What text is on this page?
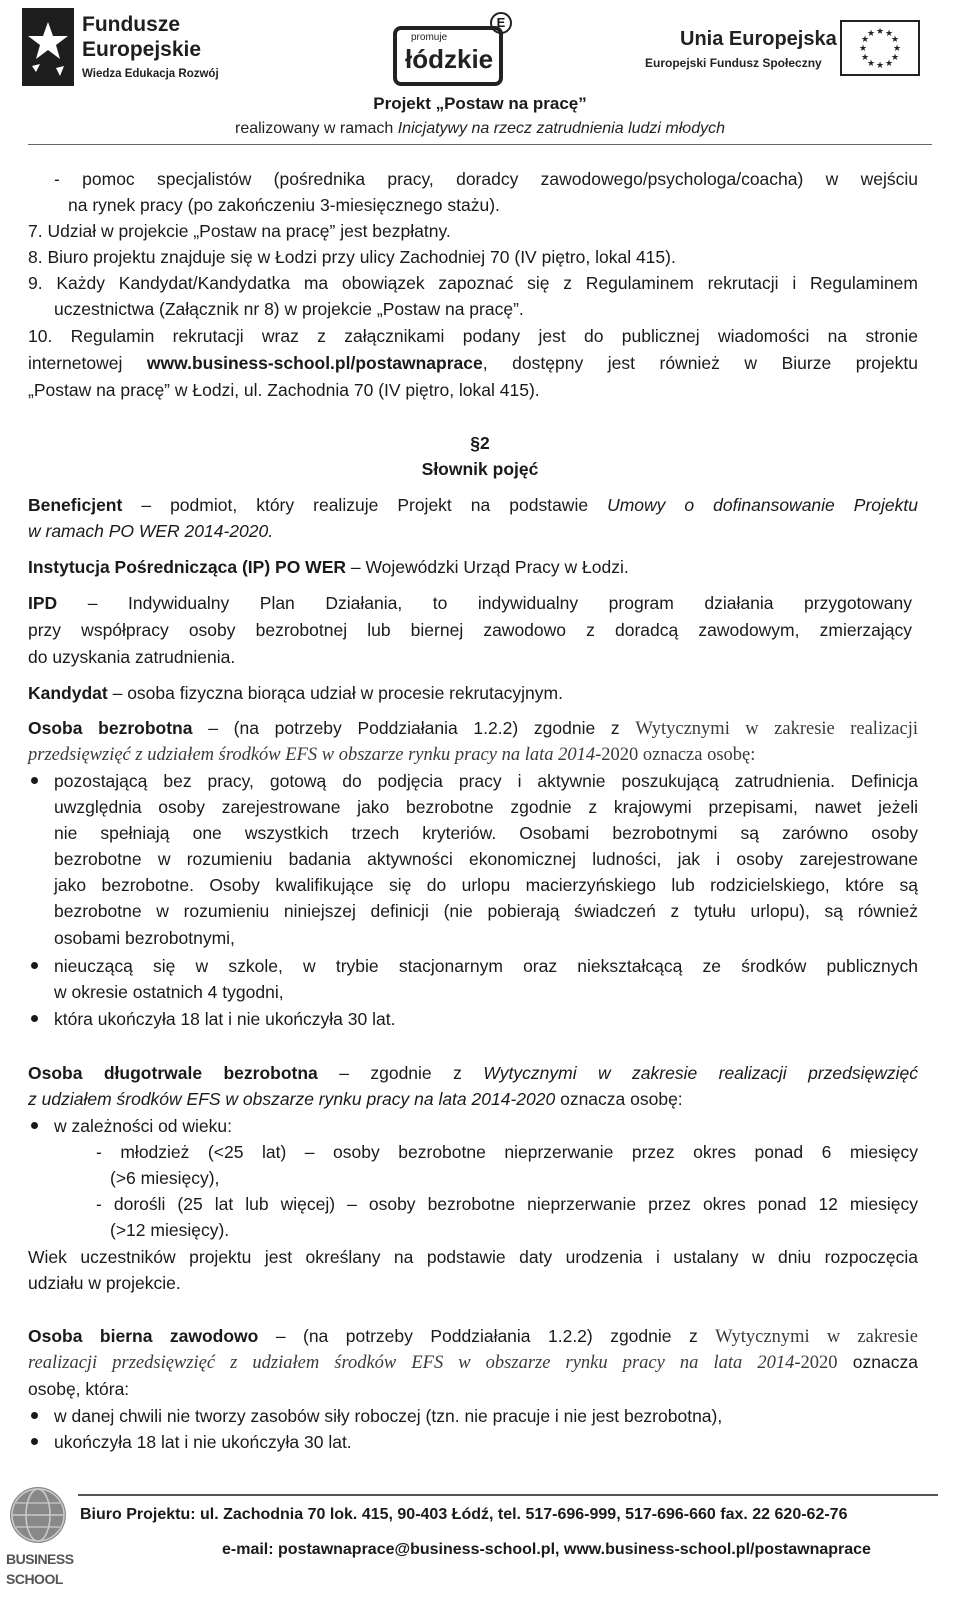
Fundusze
Europejskie
Wiedza Edukacja Rozwój
promuje
łódzkie
E
Unia Europejska
Europejski Fundusz Społeczny
★ ★
★
★
★
★
★
★
★
★
★
★
Projekt „Postaw na pracę”
realizowany w ramach Inicjatywy na rzecz zatrudnienia ludzi młodych
- pomoc specjalistów (pośrednika pracy, doradcy zawodowego/psychologa/coacha) w wejściu
na rynek pracy (po zakończeniu 3-miesięcznego stażu).
7. Udział w projekcie „Postaw na pracę” jest bezpłatny.
8. Biuro projektu znajduje się w Łodzi przy ulicy Zachodniej 70 (IV piętro, lokal 415).
9. Każdy Kandydat/Kandydatka ma obowiązek zapoznać się z Regulaminem rekrutacji i Regulaminem
uczestnictwa (Załącznik nr 8) w projekcie „Postaw na pracę”.
10. Regulamin rekrutacji wraz z załącznikami podany jest do publicznej wiadomości na stronie
internetowej www.business-school.pl/postawnaprace, dostępny jest również w Biurze projektu
„Postaw na pracę” w Łodzi, ul. Zachodnia 70 (IV piętro, lokal 415).
§2
Słownik pojęć
Beneficjent – podmiot, który realizuje Projekt na podstawie Umowy o dofinansowanie Projektu
w ramach PO WER 2014-2020.
Instytucja Pośrednicząca (IP) PO WER – Wojewódzki Urząd Pracy w Łodzi.
IPD – Indywidualny Plan Działania, to indywidualny program działania przygotowany
przy współpracy osoby bezrobotnej lub biernej zawodowo z doradcą zawodowym, zmierzający
do uzyskania zatrudnienia.
Kandydat – osoba fizyczna biorąca udział w procesie rekrutacyjnym.
Osoba bezrobotna – (na potrzeby Poddziałania 1.2.2) zgodnie z Wytycznymi w zakresie realizacji
przedsięwzięć z udziałem środków EFS w obszarze rynku pracy na lata 2014-2020 oznacza osobę:
pozostającą bez pracy, gotową do podjęcia pracy i aktywnie poszukującą zatrudnienia. Definicja
uwzględnia osoby zarejestrowane jako bezrobotne zgodnie z krajowymi przepisami, nawet jeżeli
nie spełniają one wszystkich trzech kryteriów. Osobami bezrobotnymi są zarówno osoby
bezrobotne w rozumieniu badania aktywności ekonomicznej ludności, jak i osoby zarejestrowane
jako bezrobotne. Osoby kwalifikujące się do urlopu macierzyńskiego lub rodzicielskiego, które są
bezrobotne w rozumieniu niniejszej definicji (nie pobierają świadczeń z tytułu urlopu), są również
osobami bezrobotnymi,
nieuczącą się w szkole, w trybie stacjonarnym oraz niekształcącą ze środków publicznych
w okresie ostatnich 4 tygodni,
która ukończyła 18 lat i nie ukończyła 30 lat.
Osoba długotrwale bezrobotna – zgodnie z Wytycznymi w zakresie realizacji przedsięwzięć
z udziałem środków EFS w obszarze rynku pracy na lata 2014-2020 oznacza osobę:
w zależności od wieku:
- młodzież (<25 lat) – osoby bezrobotne nieprzerwanie przez okres ponad 6 miesięcy
(>6 miesięcy),
- dorośli (25 lat lub więcej) – osoby bezrobotne nieprzerwanie przez okres ponad 12 miesięcy
(>12 miesięcy).
Wiek uczestników projektu jest określany na podstawie daty urodzenia i ustalany w dniu rozpoczęcia
udziału w projekcie.
Osoba bierna zawodowo – (na potrzeby Poddziałania 1.2.2) zgodnie z Wytycznymi w zakresie
realizacji przedsięwzięć z udziałem środków EFS w obszarze rynku pracy na lata 2014-2020 oznacza
osobę, która:
w danej chwili nie tworzy zasobów siły roboczej (tzn. nie pracuje i nie jest bezrobotna),
ukończyła 18 lat i nie ukończyła 30 lat.
BUSINESS
SCHOOL
Biuro Projektu: ul. Zachodnia 70 lok. 415, 90-403 Łódź, tel. 517-696-999, 517-696-660 fax. 22 620-62-76
e-mail: postawnaprace@business-school.pl, www.business-school.pl/postawnaprace
